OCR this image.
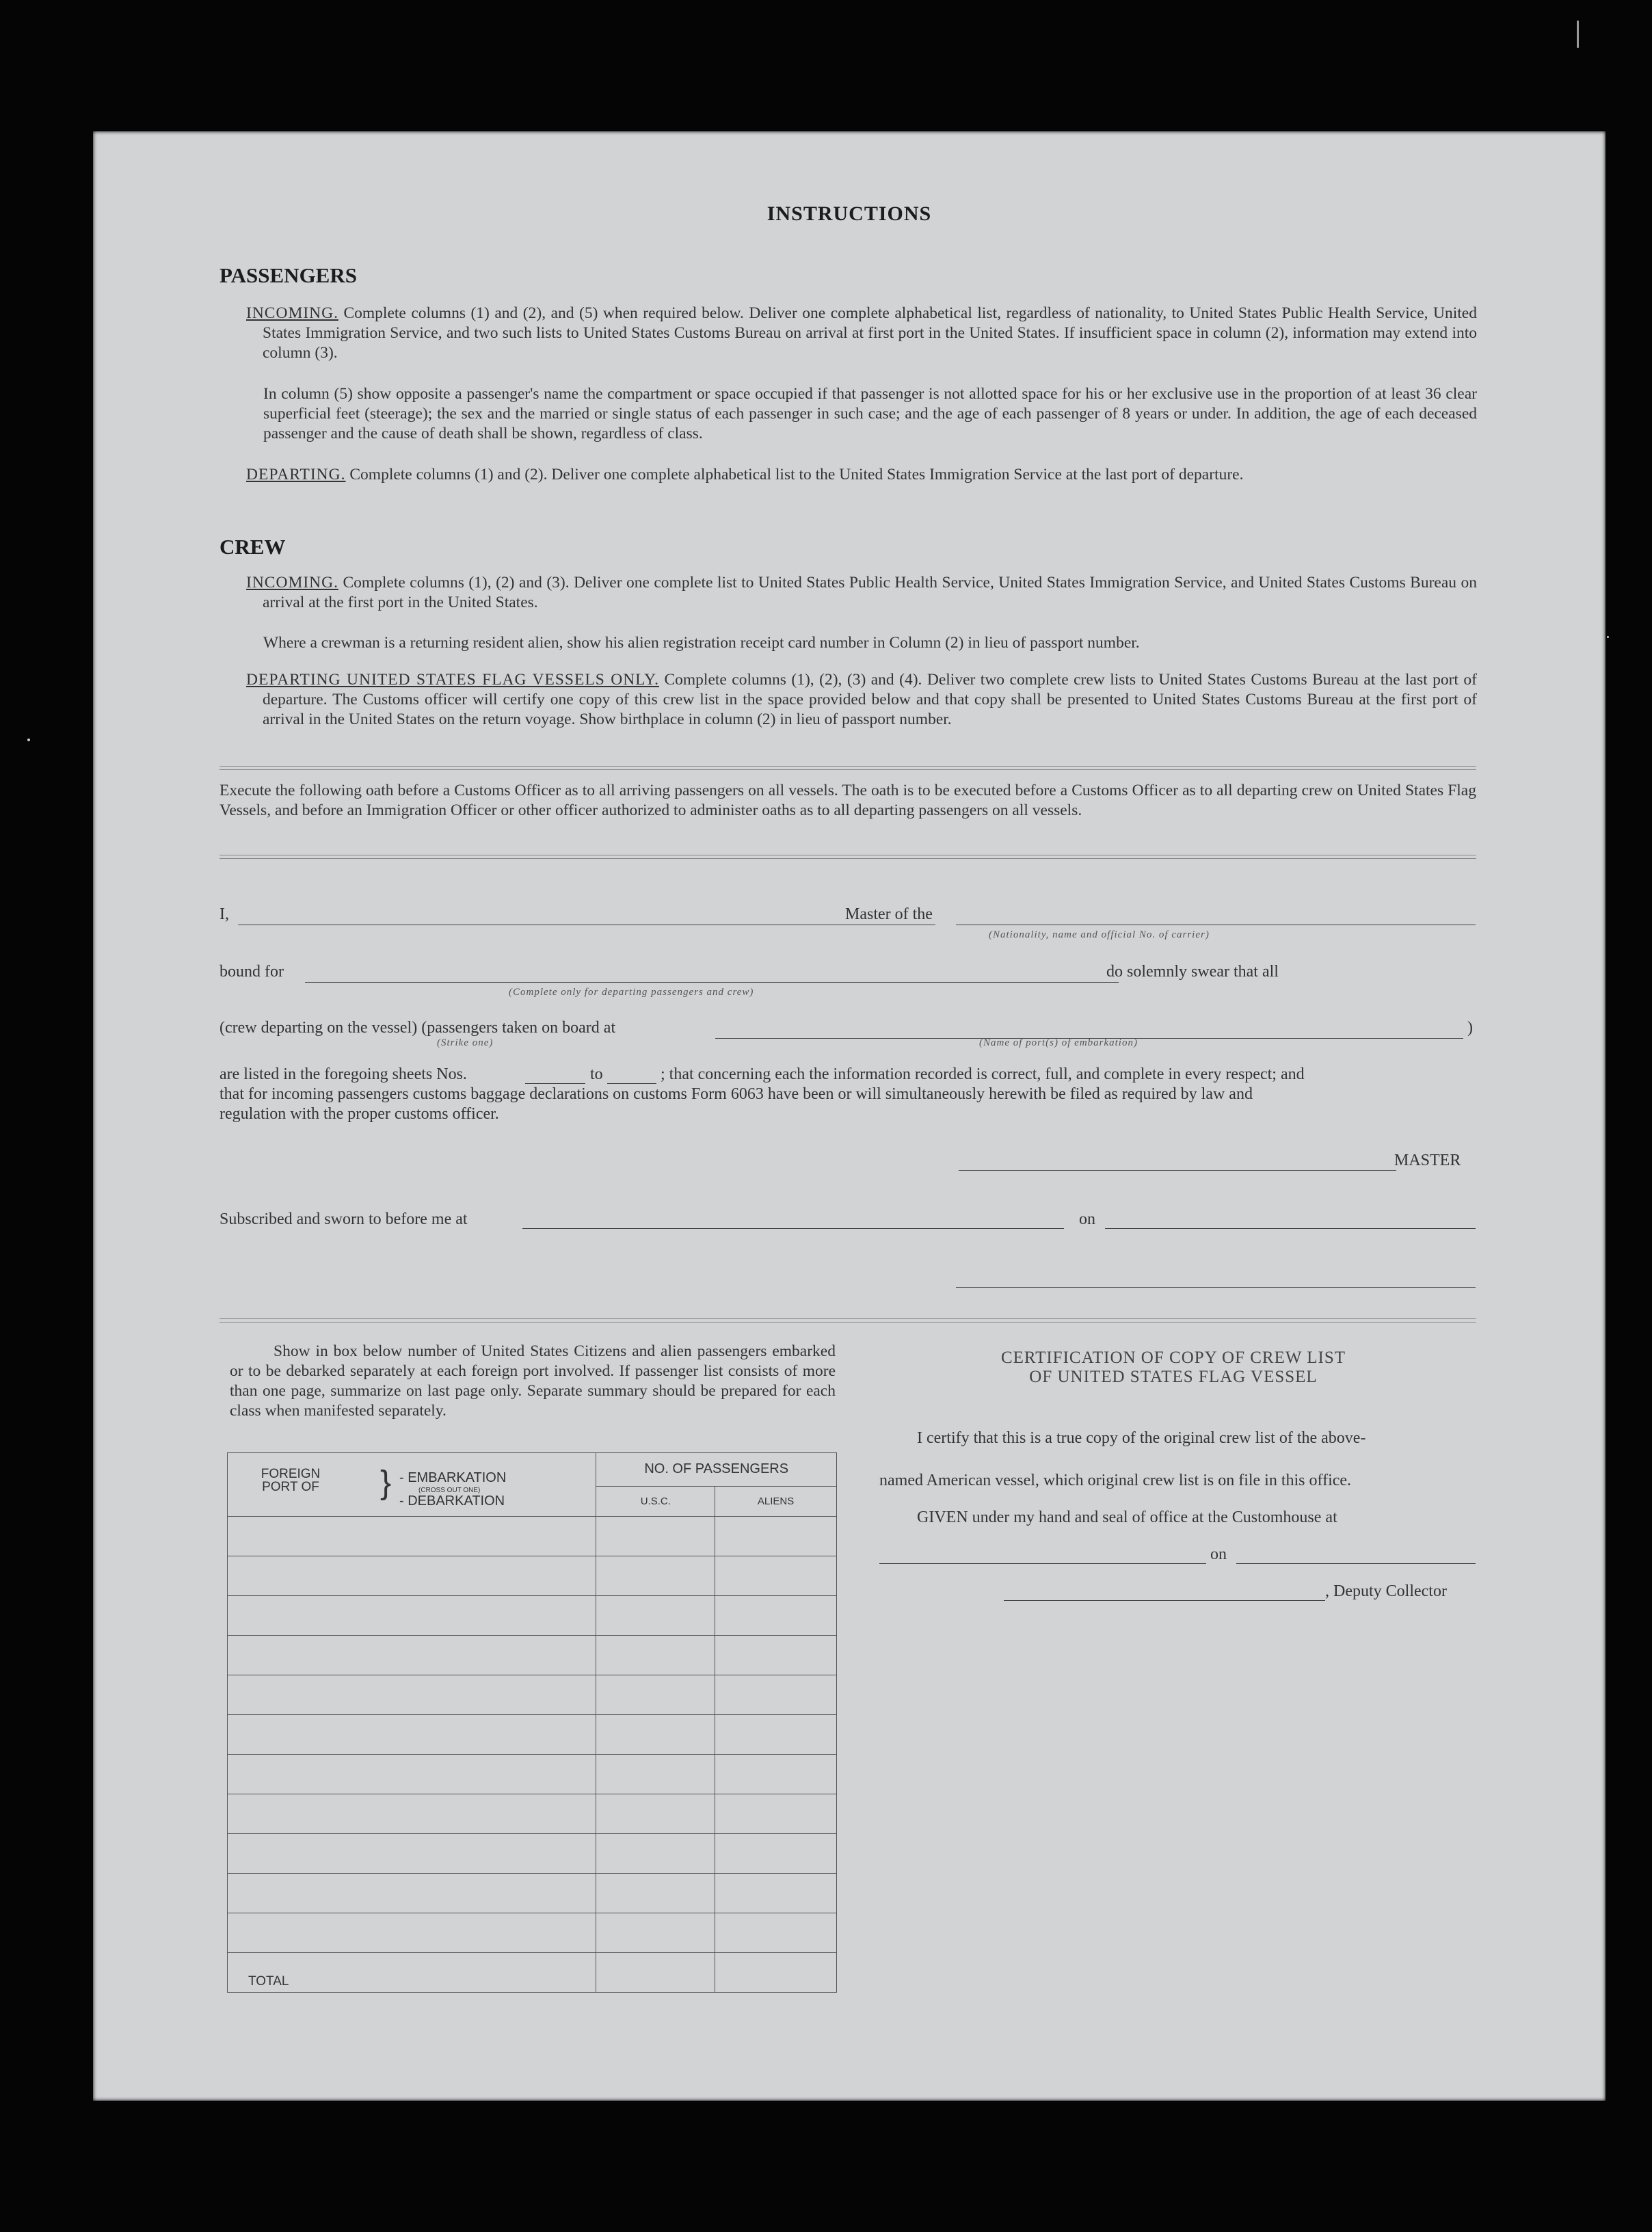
INSTRUCTIONS
PASSENGERS
INCOMING. Complete columns (1) and (2), and (5) when required below. Deliver one complete alphabetical list, regardless of nationality, to United States Public Health Service, United States Immigration Service, and two such lists to United States Customs Bureau on arrival at first port in the United States. If insufficient space in column (2), information may extend into column (3).
In column (5) show opposite a passenger's name the compartment or space occupied if that passenger is not allotted space for his or her exclusive use in the proportion of at least 36 clear superficial feet (steerage); the sex and the married or single status of each passenger in such case; and the age of each passenger of 8 years or under. In addition, the age of each deceased passenger and the cause of death shall be shown, regardless of class.
DEPARTING. Complete columns (1) and (2). Deliver one complete alphabetical list to the United States Immigration Service at the last port of departure.
CREW
INCOMING. Complete columns (1), (2) and (3). Deliver one complete list to United States Public Health Service, United States Immigration Service, and United States Customs Bureau on arrival at the first port in the United States.
Where a crewman is a returning resident alien, show his alien registration receipt card number in Column (2) in lieu of passport number.
DEPARTING UNITED STATES FLAG VESSELS ONLY. Complete columns (1), (2), (3) and (4). Deliver two complete crew lists to United States Customs Bureau at the last port of departure. The Customs officer will certify one copy of this crew list in the space provided below and that copy shall be presented to United States Customs Bureau at the first port of arrival in the United States on the return voyage. Show birthplace in column (2) in lieu of passport number.
Execute the following oath before a Customs Officer as to all arriving passengers on all vessels. The oath is to be executed before a Customs Officer as to all departing crew on United States Flag Vessels, and before an Immigration Officer or other officer authorized to administer oaths as to all departing passengers on all vessels.
I,	Master of the
(Nationality, name and official No. of carrier)
bound for
(Complete only for departing passengers and crew)
do solemnly swear that all
(crew departing on the vessel) (passengers taken on board at
(Strike one)	(Name of port(s) of embarkation)
)
are listed in the foregoing sheets Nos.	to	; that concerning each the information recorded is correct, full, and complete in every respect; and
that for incoming passengers customs baggage declarations on customs Form 6063 have been or will simultaneously herewith be filed as required by law and
regulation with the proper customs officer.
MASTER
Subscribed and sworn to before me at	on
Show in box below number of United States Citizens and alien passengers embarked or to be debarked separately at each foreign port involved. If passenger list consists of more than one page, summarize on last page only. Separate summary should be prepared for each class when manifested separately.
FOREIGN PORT OF } - EMBARKATION
(CROSS OUT ONE)
- DEBARKATION	NO. OF PASSENGERS	
	U.S.C.	ALIENS

TOTAL		
CERTIFICATION OF COPY OF CREW LIST
OF UNITED STATES FLAG VESSEL
I certify that this is a true copy of the original crew list of the above-
named American vessel, which original crew list is on file in this office.
GIVEN under my hand and seal of office at the Customhouse at
on
, Deputy Collector
